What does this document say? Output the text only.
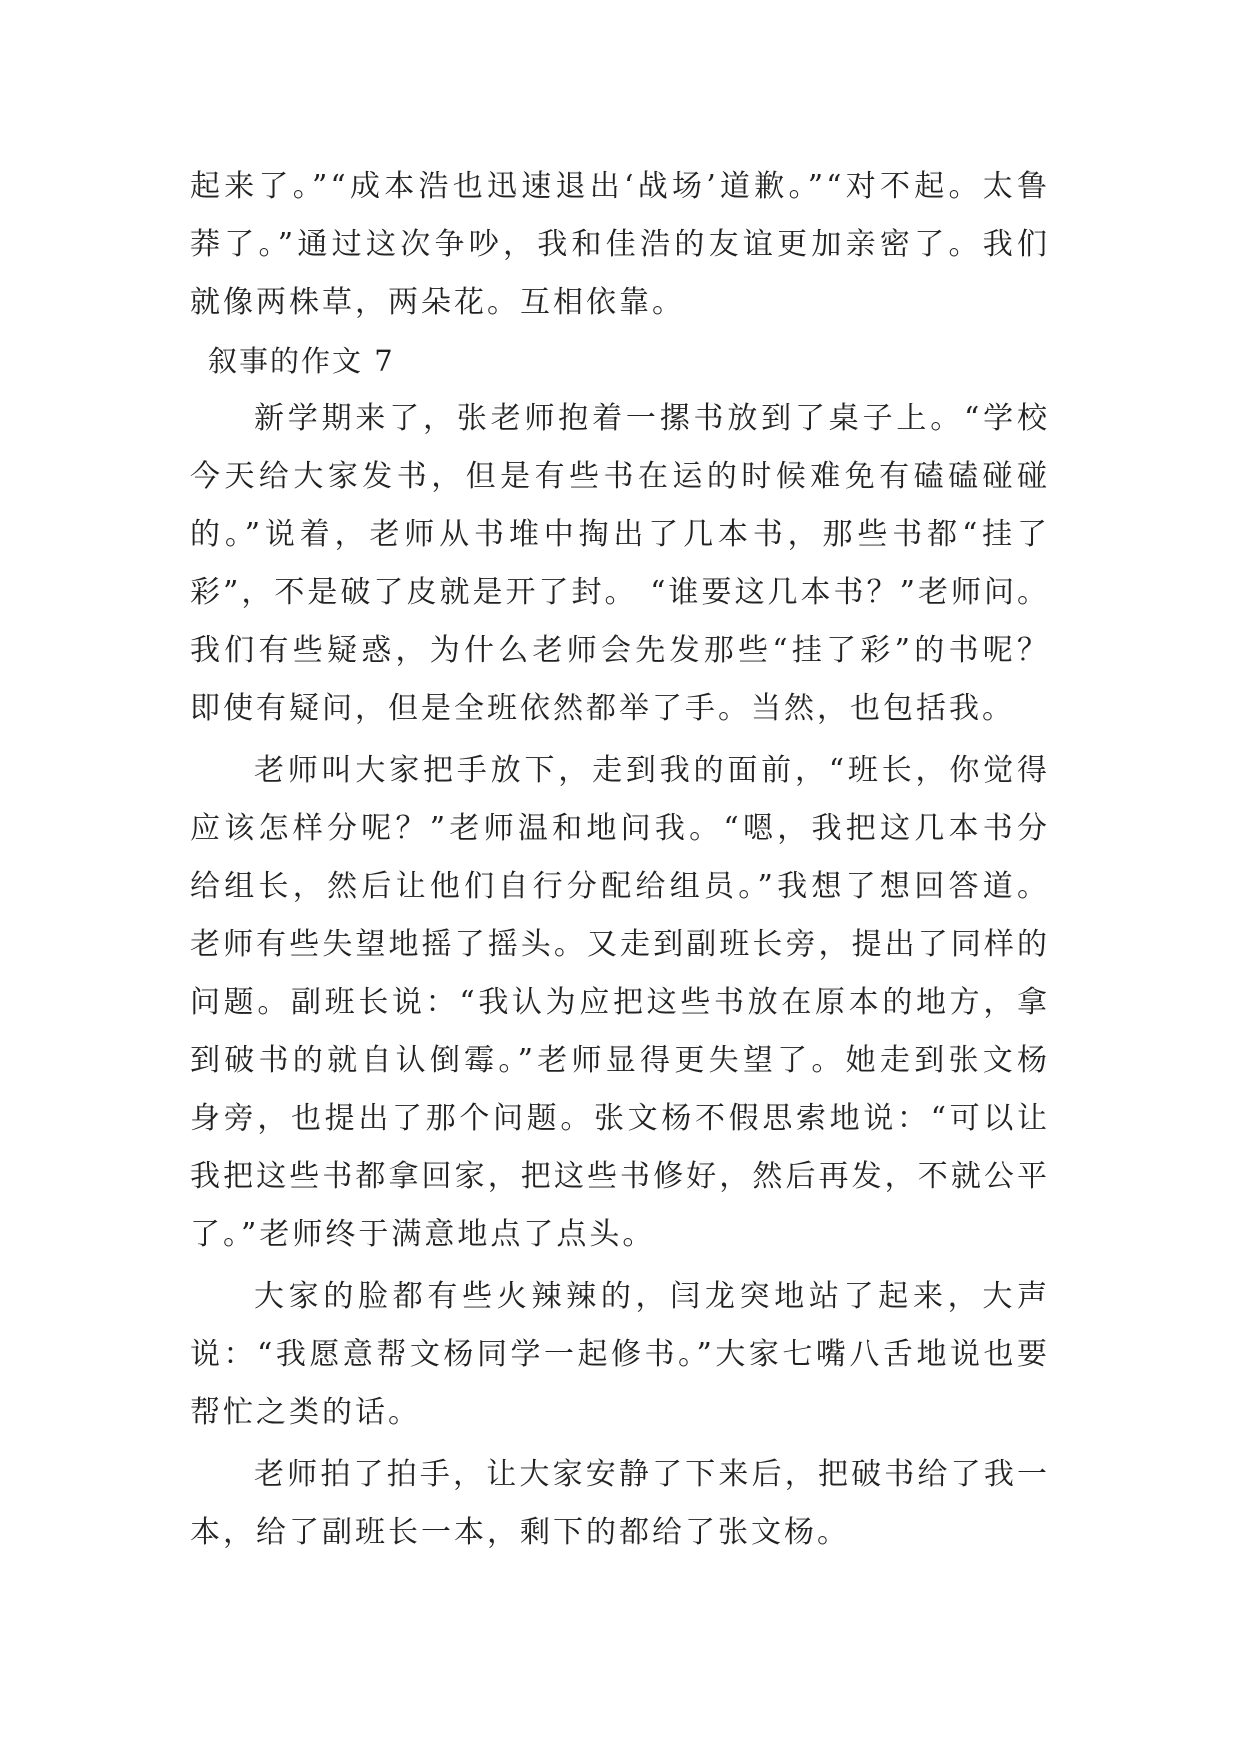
起来了。”“成本浩也迅速退出‘战场’道歉。”“对不起。太鲁莽了。”通过这次争吵，我和佳浩的友谊更加亲密了。我们就像两株草，两朵花。互相依靠。

叙事的作文 7

新学期来了，张老师抱着一摞书放到了桌子上。“学校今天给大家发书，但是有些书在运的时候难免有磕磕碰碰的。”说着，老师从书堆中掏出了几本书，那些书都“挂了彩”，不是破了皮就是开了封。 “谁要这几本书？”老师问。我们有些疑惑，为什么老师会先发那些“挂了彩”的书呢？即使有疑问，但是全班依然都举了手。当然，也包括我。

老师叫大家把手放下，走到我的面前，“班长，你觉得应该怎样分呢？”老师温和地问我。“嗯，我把这几本书分给组长，然后让他们自行分配给组员。”我想了想回答道。老师有些失望地摇了摇头。又走到副班长旁，提出了同样的问题。副班长说：“我认为应把这些书放在原本的地方，拿到破书的就自认倒霉。”老师显得更失望了。她走到张文杨身旁，也提出了那个问题。张文杨不假思索地说：“可以让我把这些书都拿回家，把这些书修好，然后再发，不就公平了。”老师终于满意地点了点头。

大家的脸都有些火辣辣的，闫龙突地站了起来，大声说：“我愿意帮文杨同学一起修书。”大家七嘴八舌地说也要帮忙之类的话。

老师拍了拍手，让大家安静了下来后，把破书给了我一本，给了副班长一本，剩下的都给了张文杨。
